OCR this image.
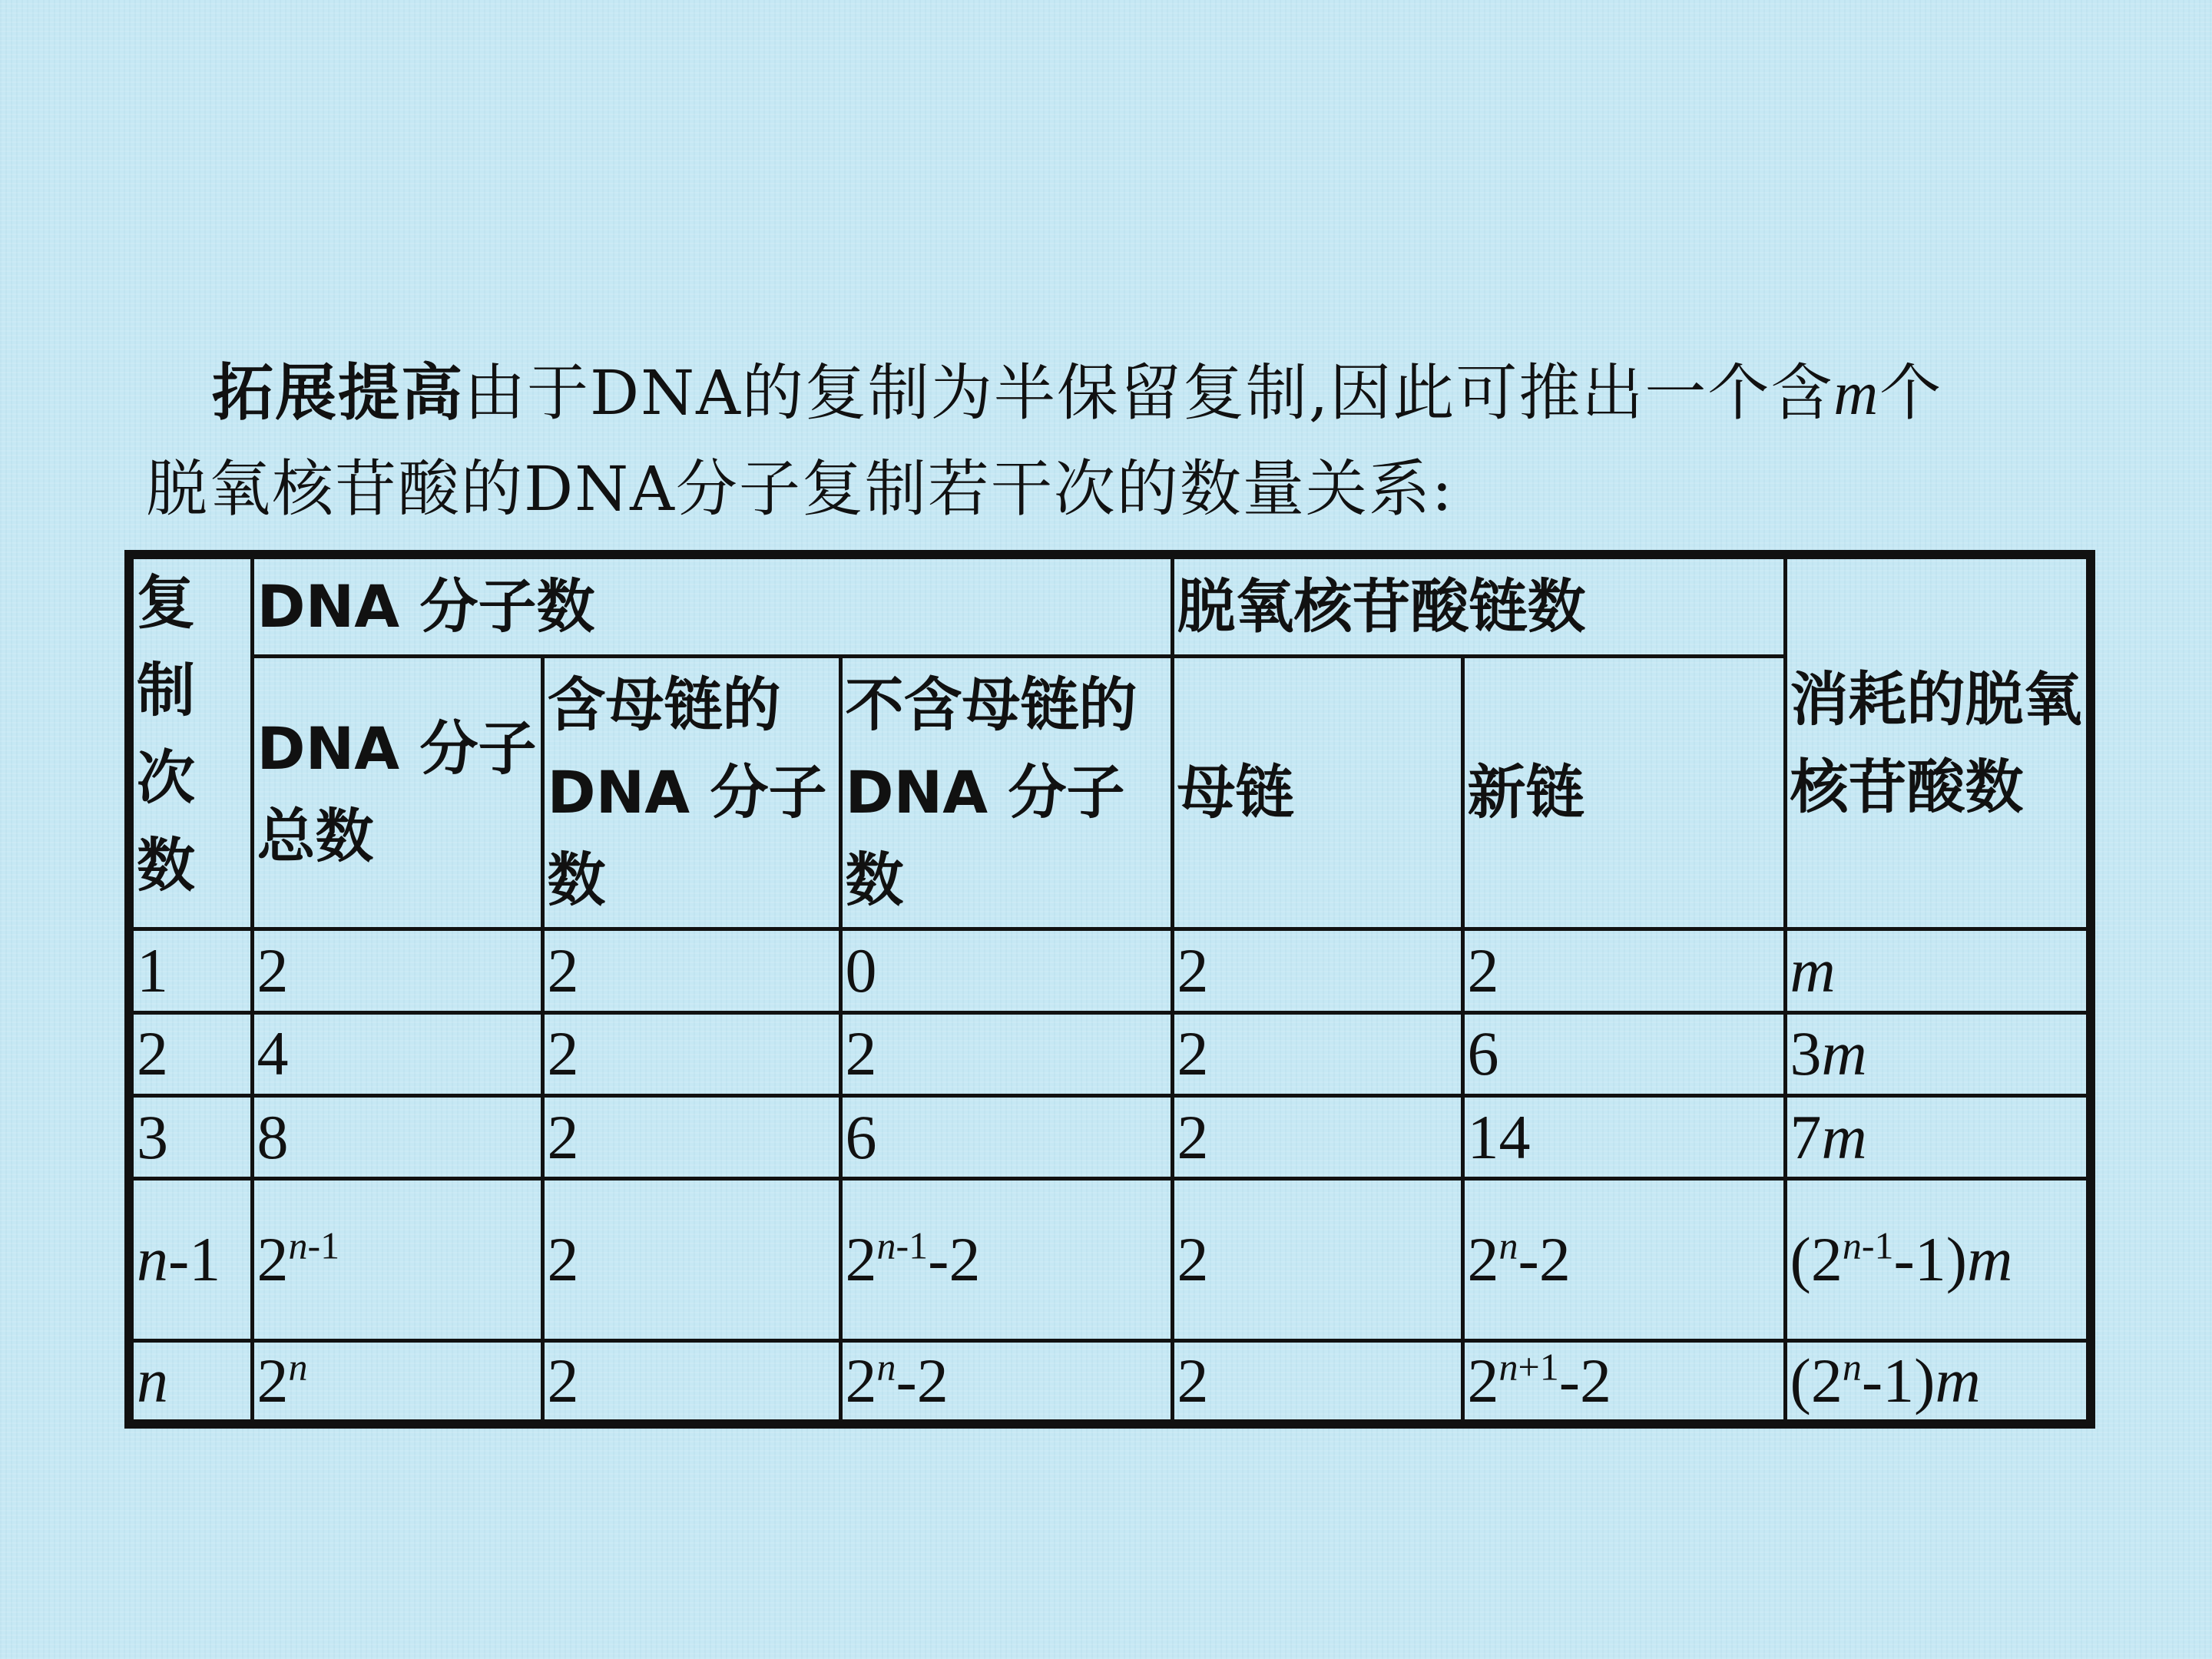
拓展提高由于DNA的复制为半保留复制,因此可推出一个含m个
脱氧核苷酸的DNA分子复制若干次的数量关系:
复制次数	DNA 分子数			脱氧核苷酸链数		消耗的脱氧核苷酸数
	DNA 分子总数	含母链的 DNA 分子数	不含母链的 DNA 分子数	母链	新链	
1	2	2	0	2	2	m
2	4	2	2	2	6	3m
3	8	2	6	2	14	7m
n-1	2$^{n-1}$	2	2$^{n-1}$-2	2	2$^n$-2	(2$^{n-1}$-1)m
n	2$^n$	2	2$^n$-2	2	$2^{n+1}-2$	(2$^n$-1)m
